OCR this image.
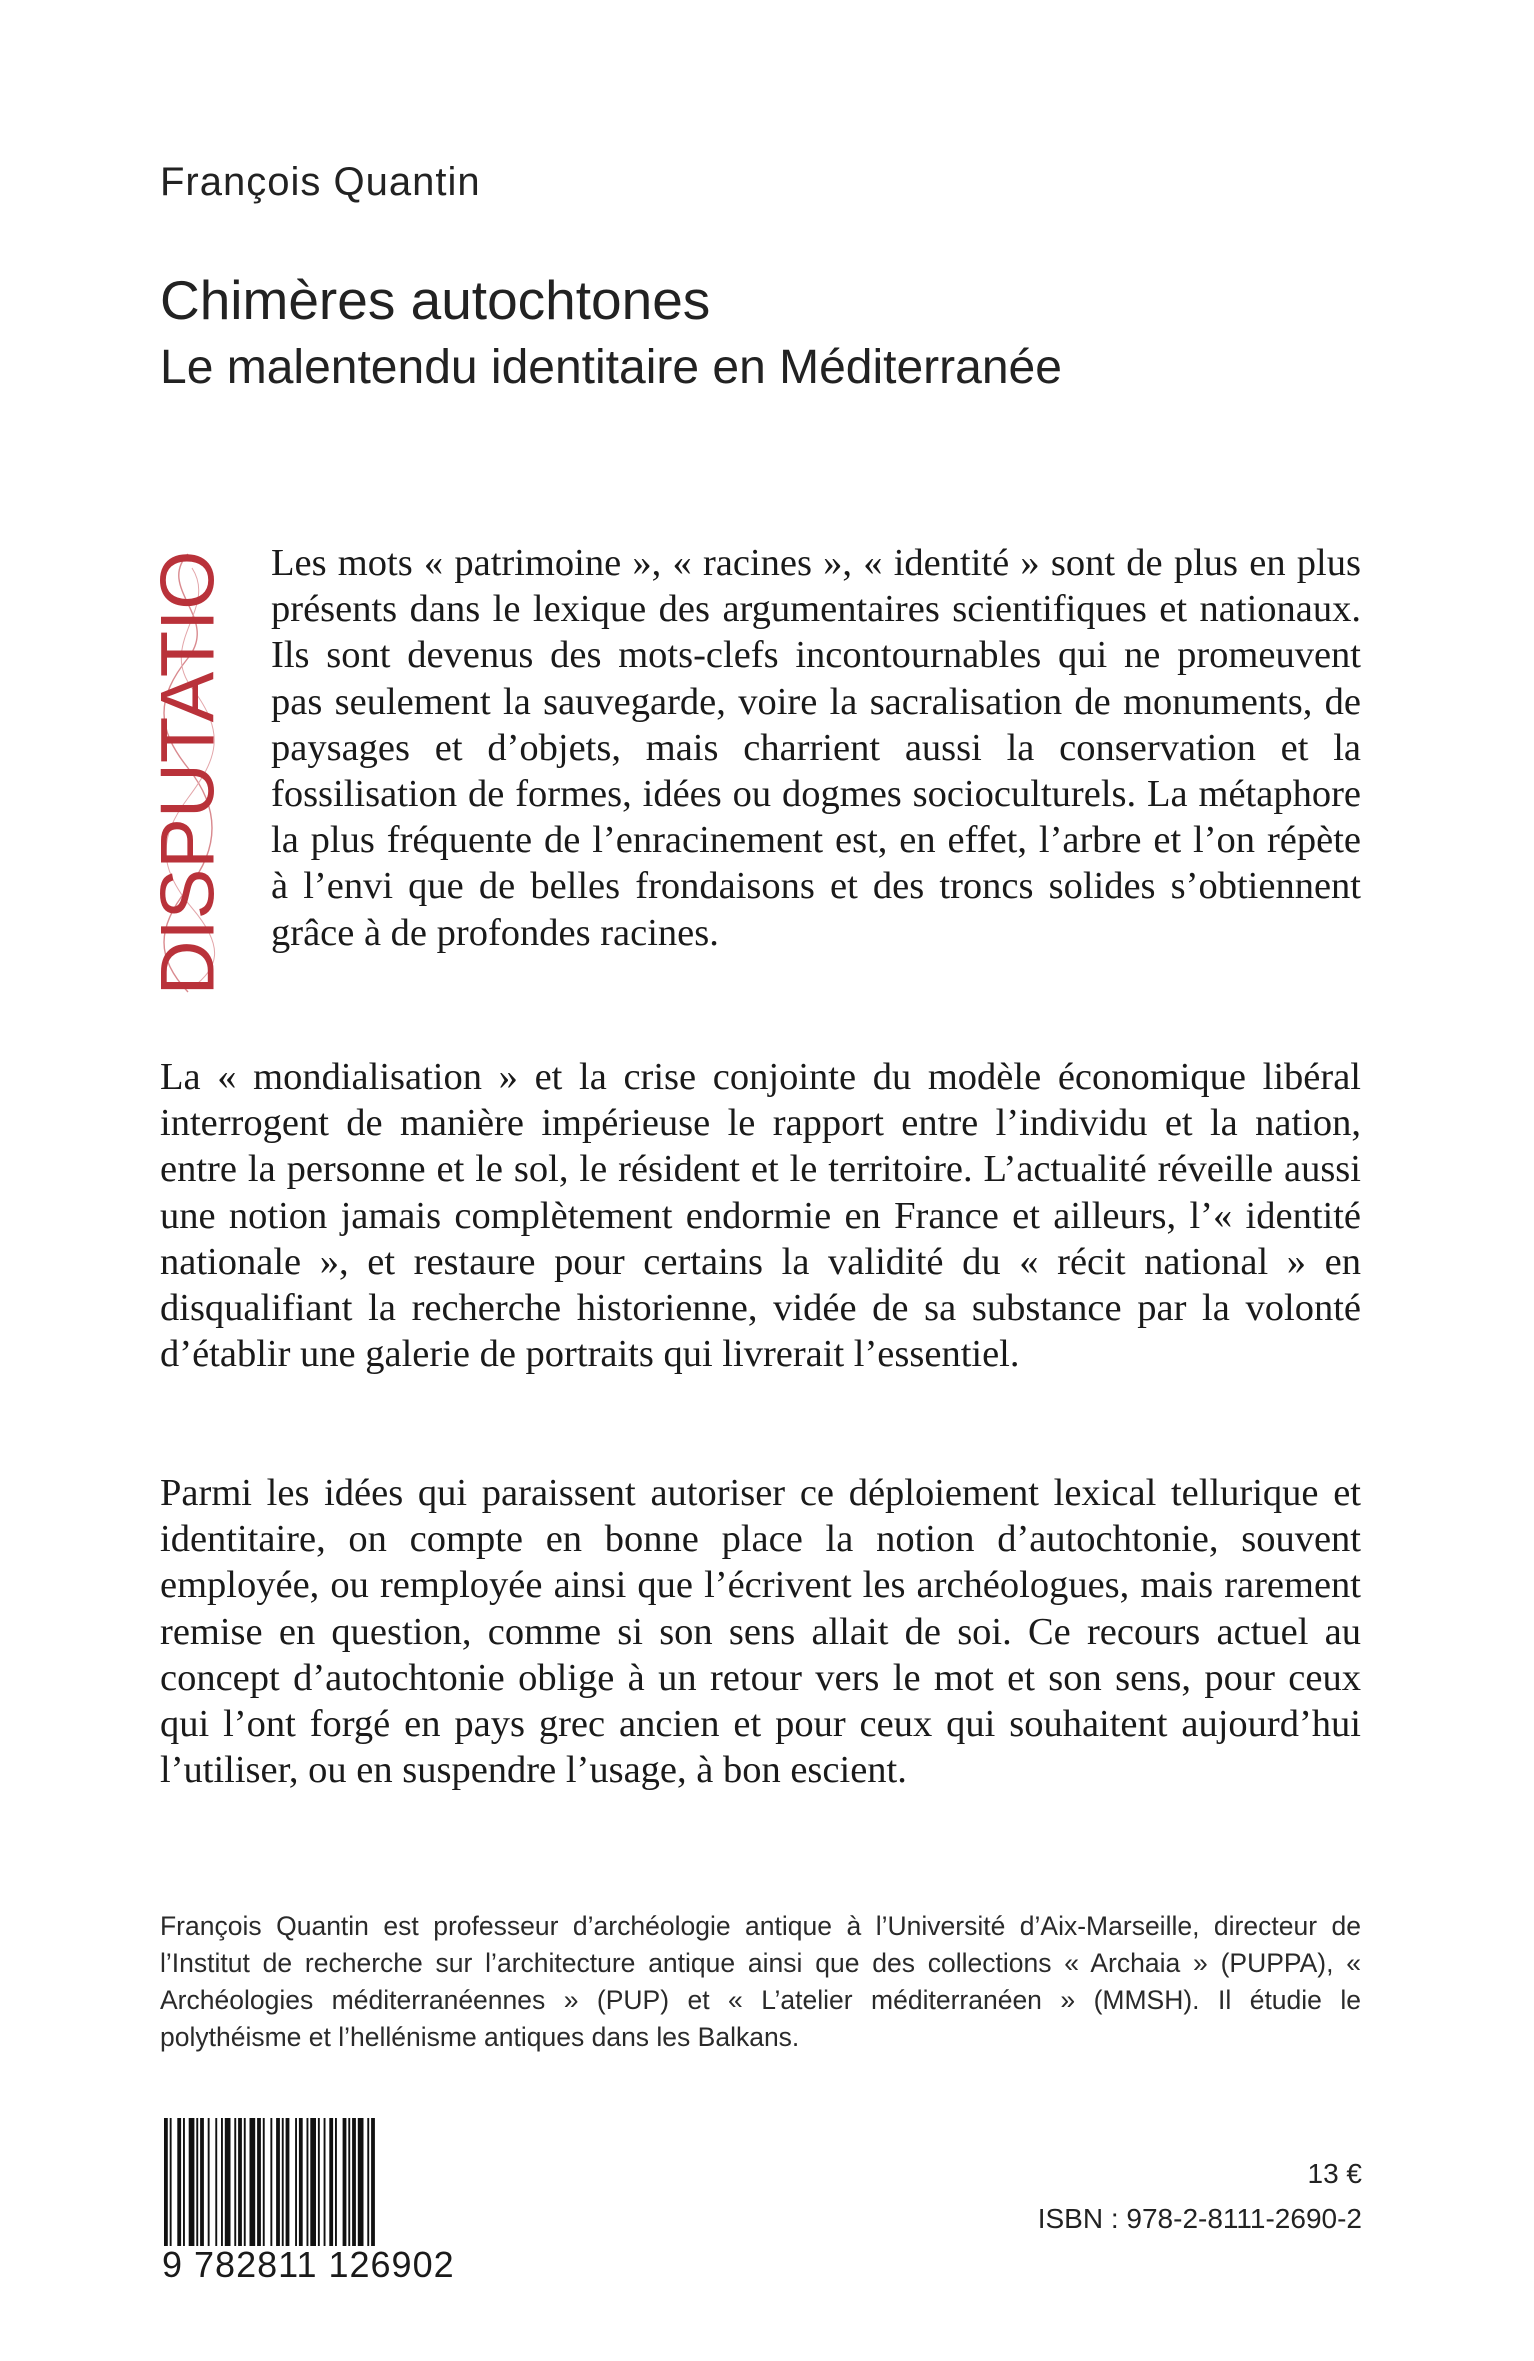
François Quantin
Chimères autochtones
Le malentendu identitaire en Méditerranée
DISPUTATIO Les mots « patrimoine », « racines », « identité » sont de plus en plus présents dans le lexique des argumentaires scientifiques et nationaux. Ils sont devenus des mots-clefs incontournables qui ne promeuvent pas seulement la sauvegarde, voire la sacralisation de monuments, de paysages et d’objets, mais charrient aussi la conservation et la fossilisation de formes, idées ou dogmes socioculturels. La métaphore la plus fréquente de l’enracinement est, en effet, l’arbre et l’on répète à l’envi que de belles frondaisons et des troncs solides s’obtiennent grâce à de profondes racines.

La « mondialisation » et la crise conjointe du modèle économique libéral interrogent de manière impérieuse le rapport entre l’individu et la nation, entre la personne et le sol, le résident et le territoire. L’actualité réveille aussi une notion jamais complètement endormie en France et ailleurs, l’« identité nationale », et restaure pour certains la validité du « récit national » en disqualifiant la recherche historienne, vidée de sa substance par la volonté d’établir une galerie de portraits qui livrerait l’essentiel.

Parmi les idées qui paraissent autoriser ce déploiement lexical tellurique et identitaire, on compte en bonne place la notion d’autochtonie, souvent employée, ou remployée ainsi que l’écrivent les archéologues, mais rarement remise en question, comme si son sens allait de soi. Ce recours actuel au concept d’autochtonie oblige à un retour vers le mot et son sens, pour ceux qui l’ont forgé en pays grec ancien et pour ceux qui souhaitent aujourd’hui l’utiliser, ou en suspendre l’usage, à bon escient.

François Quantin est professeur d’archéologie antique à l’Université d’Aix-Marseille, directeur de l’Institut de recherche sur l’architecture antique ainsi que des collections « Archaia » (PUPPA), « Archéologies méditerranéennes » (PUP) et « L’atelier méditerranéen » (MMSH). Il étudie le polythéisme et l’hellénisme antiques dans les Balkans.

9 782811 126902
13 €
ISBN : 978-2-8111-2690-2
